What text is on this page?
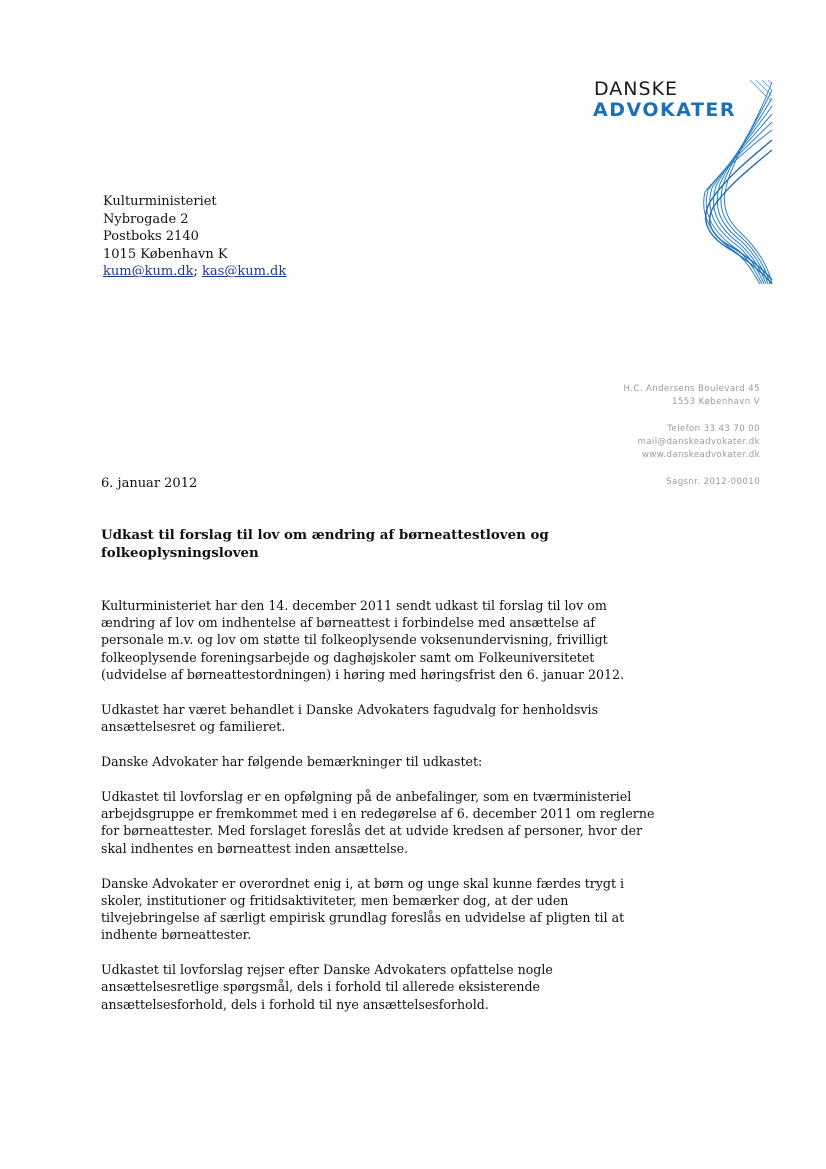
DANSKE
ADVOKATER
Kulturministeriet
Nybrogade 2
Postboks 2140
1015 København K
kum@kum.dk; kas@kum.dk
H.C. Andersens Boulevard 45
1553 København V
Telefon 33 43 70 00
mail@danskeadvokater.dk
www.danskeadvokater.dk
Sagsnr. 2012-00010
6. januar 2012
Udkast til forslag til lov om ændring af børneattestloven og
folkeoplysningsloven
Kulturministeriet har den 14. december 2011 sendt udkast til forslag til lov om
ændring af lov om indhentelse af børneattest i forbindelse med ansættelse af
personale m.v. og lov om støtte til folkeoplysende voksenundervisning, frivilligt
folkeoplysende foreningsarbejde og daghøjskoler samt om Folkeuniversitetet
(udvidelse af børneattestordningen) i høring med høringsfrist den 6. januar 2012.
Udkastet har været behandlet i Danske Advokaters fagudvalg for henholdsvis
ansættelsesret og familieret.
Danske Advokater har følgende bemærkninger til udkastet:
Udkastet til lovforslag er en opfølgning på de anbefalinger, som en tværministeriel
arbejdsgruppe er fremkommet med i en redegørelse af 6. december 2011 om reglerne
for børneattester. Med forslaget foreslås det at udvide kredsen af personer, hvor der
skal indhentes en børneattest inden ansættelse.
Danske Advokater er overordnet enig i, at børn og unge skal kunne færdes trygt i
skoler, institutioner og fritidsaktiviteter, men bemærker dog, at der uden
tilvejebringelse af særligt empirisk grundlag foreslås en udvidelse af pligten til at
indhente børneattester.
Udkastet til lovforslag rejser efter Danske Advokaters opfattelse nogle
ansættelsesretlige spørgsmål, dels i forhold til allerede eksisterende
ansættelsesforhold, dels i forhold til nye ansættelsesforhold.
